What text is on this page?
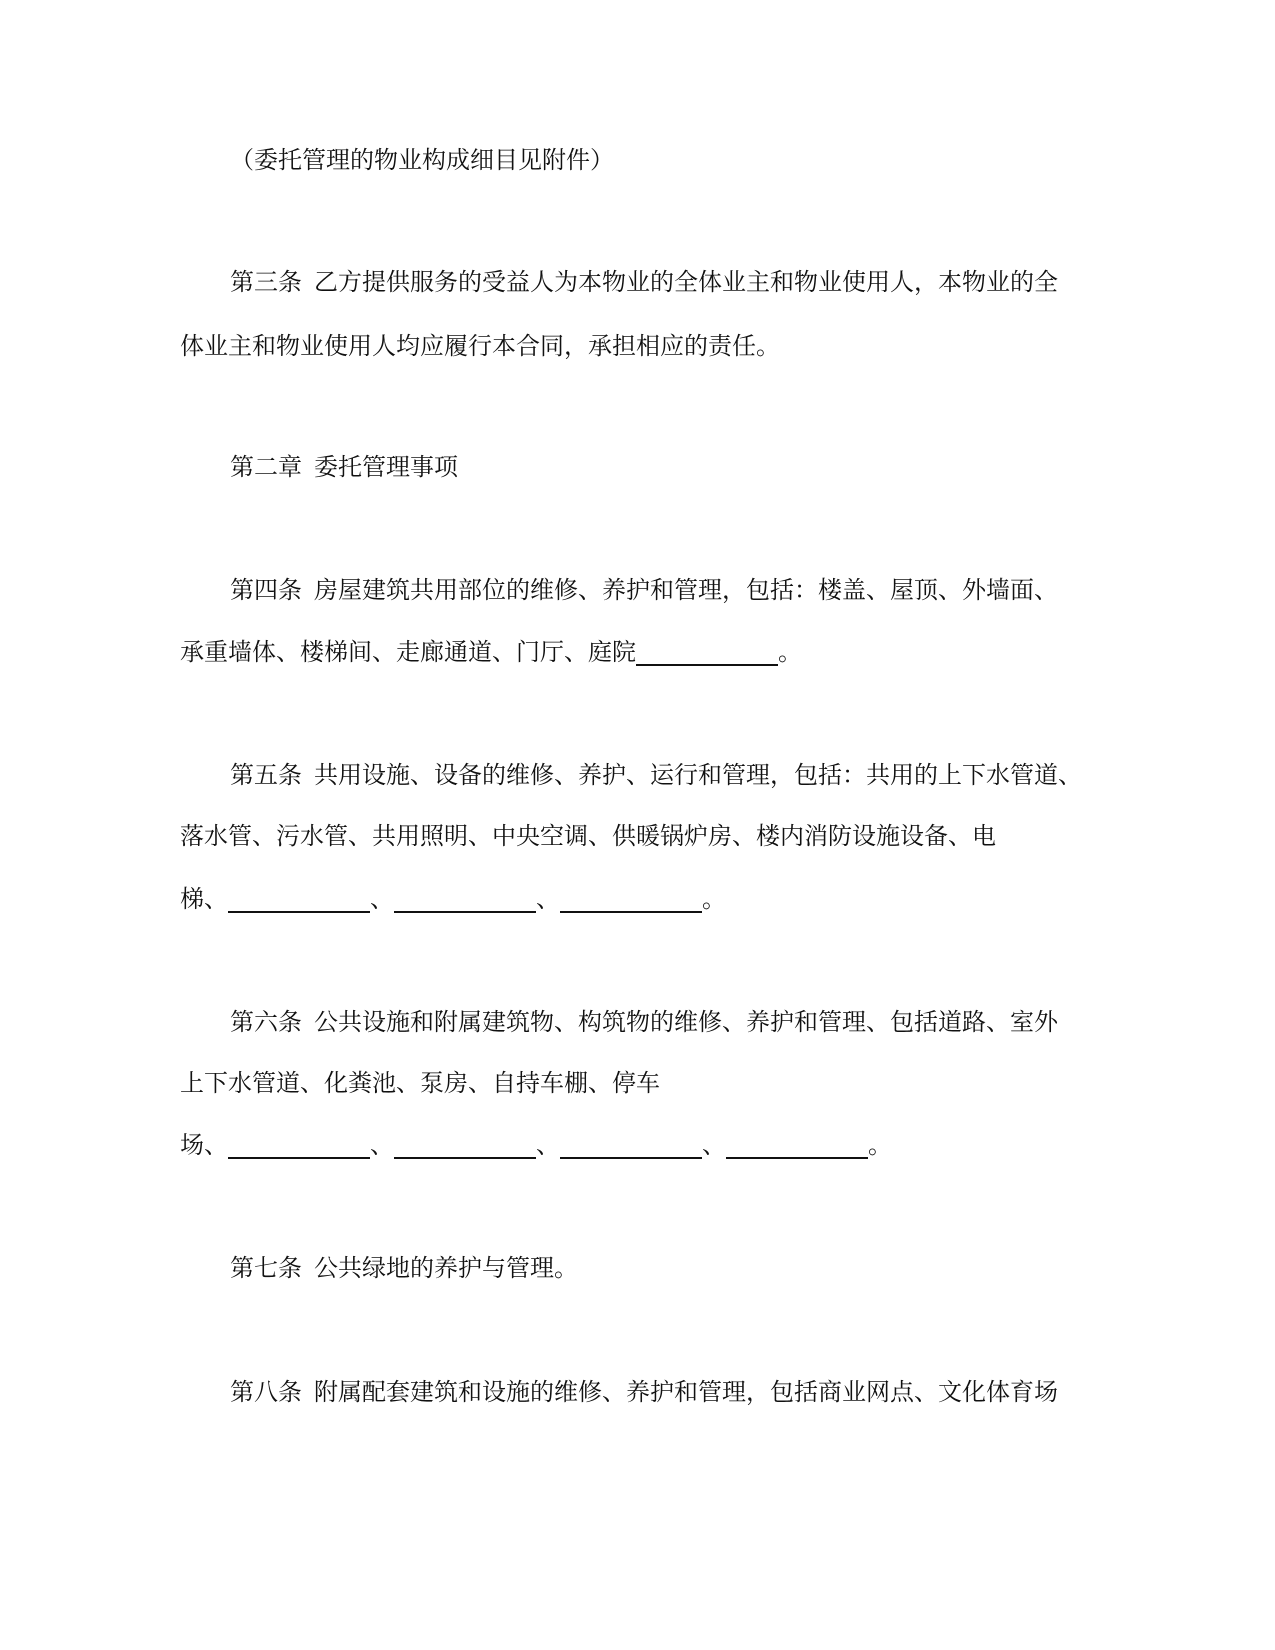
（委托管理的物业构成细目见附件）
第三条 乙方提供服务的受益人为本物业的全体业主和物业使用人，本物业的全
体业主和物业使用人均应履行本合同，承担相应的责任。
第二章 委托管理事项
第四条 房屋建筑共用部位的维修、养护和管理，包括：楼盖、屋顶、外墙面、
承重墙体、楼梯间、走廊通道、门厅、庭院	。
第五条 共用设施、设备的维修、养护、运行和管理，包括：共用的上下水管道、
落水管、污水管、共用照明、中央空调、供暖锅炉房、楼内消防设施设备、电
梯、	、	、	。
第六条 公共设施和附属建筑物、构筑物的维修、养护和管理、包括道路、室外
上下水管道、化粪池、泵房、自持车棚、停车
场、	、	、	、	。
第七条 公共绿地的养护与管理。
第八条 附属配套建筑和设施的维修、养护和管理，包括商业网点、文化体育场
